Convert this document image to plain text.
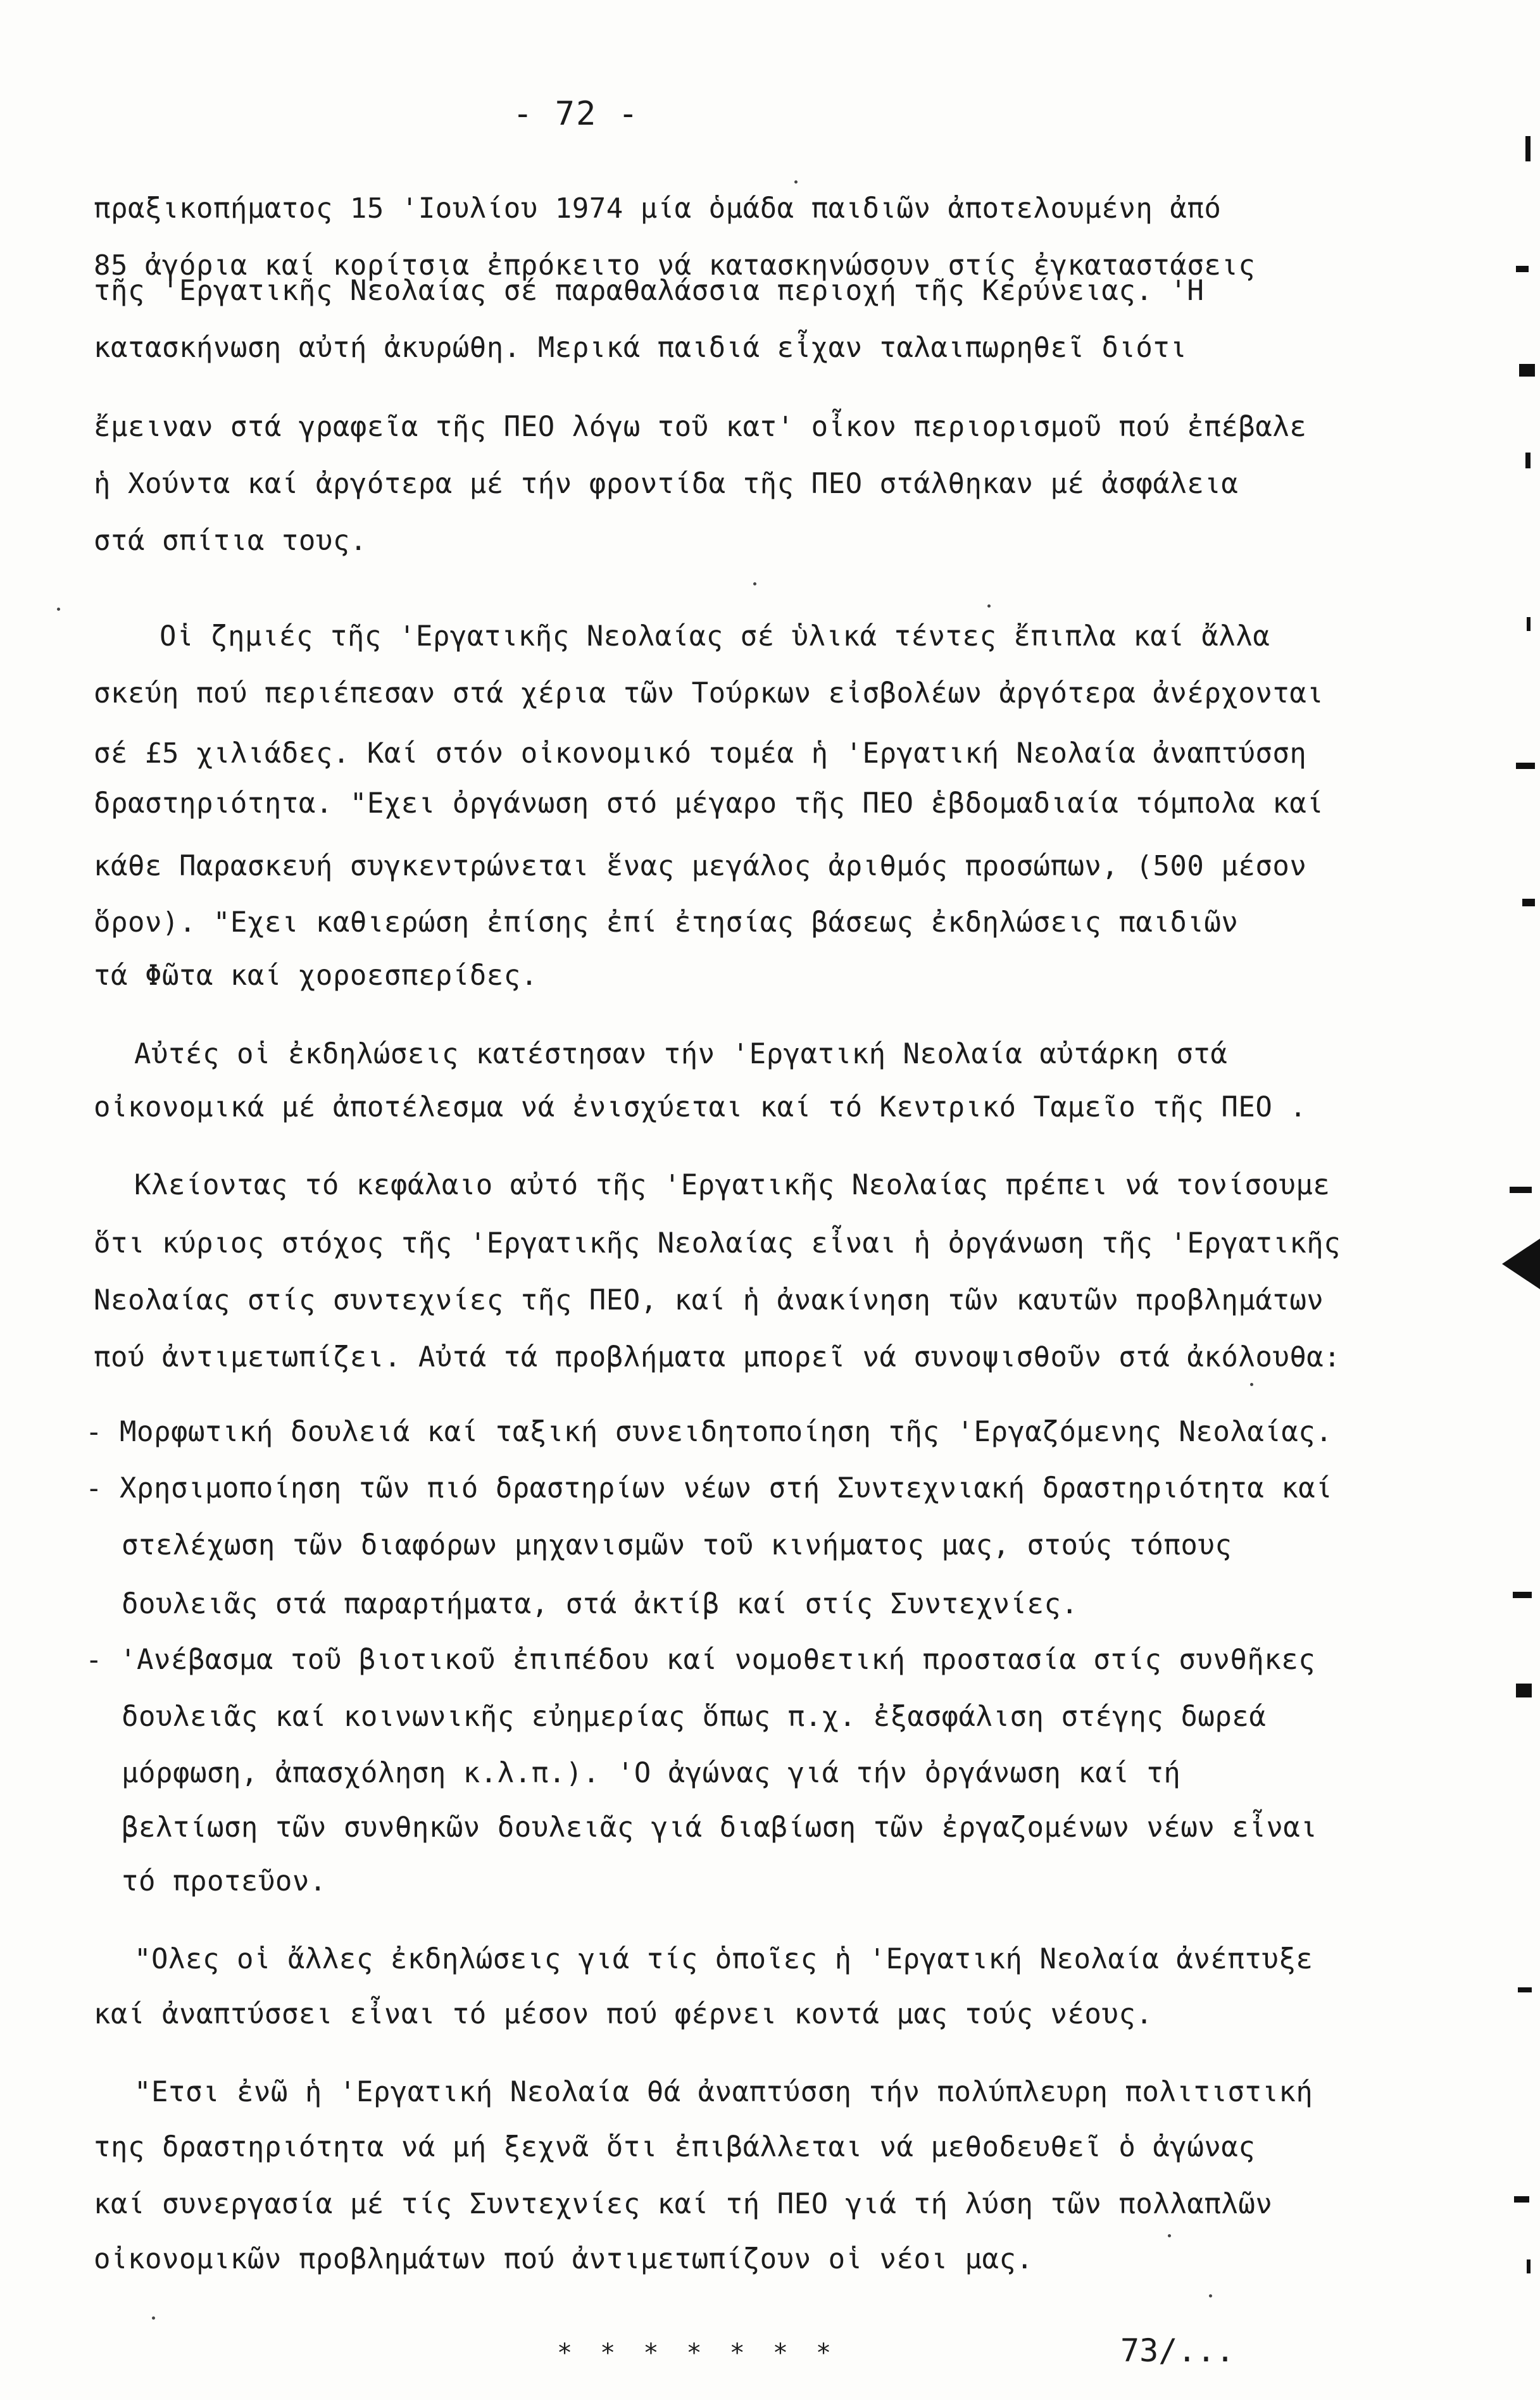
- 72 -
πραξικοπήματος 15 'Ιουλίου 1974 μία ὁμάδα παιδιῶν ἀποτελουμένη ἀπό
85 ἀγόρια καί κορίτσια ἐπρόκειτο νά κατασκηνώσουν στίς ἐγκαταστάσεις
τῆς 'Εργατικῆς Νεολαίας σέ παραθαλάσσια περιοχή τῆς Κερύνειας. 'Η
κατασκήνωση αὐτή ἀκυρώθη. Μερικά παιδιά εἶχαν ταλαιπωρηθεῖ διότι
ἔμειναν στά γραφεῖα τῆς ΠΕΟ λόγω τοῦ κατ' οἶκον περιορισμοῦ πού ἐπέβαλε
ἡ Χούντα καί ἀργότερα μέ τήν φροντίδα τῆς ΠΕΟ στάλθηκαν μέ ἀσφάλεια
στά σπίτια τους.
Οἱ ζημιές τῆς 'Εργατικῆς Νεολαίας σέ ὑλικά τέντες ἔπιπλα καί ἄλλα
σκεύη πού περιέπεσαν στά χέρια τῶν Τούρκων εἰσβολέων ἀργότερα ἀνέρχονται
σέ £5 χιλιάδες. Καί στόν οἰκονομικό τομέα ἡ 'Εργατική Νεολαία ἀναπτύσση
δραστηριότητα. "Εχει ὀργάνωση στό μέγαρο τῆς ΠΕΟ ἑβδομαδιαία τόμπολα καί
κάθε Παρασκευή συγκεντρώνεται ἕνας μεγάλος ἀριθμός προσώπων, (500 μέσον
ὅρον). "Εχει καθιερώση ἐπίσης ἐπί ἐτησίας βάσεως ἐκδηλώσεις παιδιῶν
τά Φῶτα καί χοροεσπερίδες.
Αὐτές οἱ ἐκδηλώσεις κατέστησαν τήν 'Εργατική Νεολαία αὐτάρκη στά
οἰκονομικά μέ ἀποτέλεσμα νά ἐνισχύεται καί τό Κεντρικό Ταμεῖο τῆς ΠΕΟ .
Κλείοντας τό κεφάλαιο αὐτό τῆς 'Εργατικῆς Νεολαίας πρέπει νά τονίσουμε
ὅτι κύριος στόχος τῆς 'Εργατικῆς Νεολαίας εἶναι ἡ ὀργάνωση τῆς 'Εργατικῆς
Νεολαίας στίς συντεχνίες τῆς ΠΕΟ, καί ἡ ἀνακίνηση τῶν καυτῶν προβλημάτων
πού ἀντιμετωπίζει. Αὐτά τά προβλήματα μπορεῖ νά συνοψισθοῦν στά ἀκόλουθα:
- Μορφωτική δουλειά καί ταξική συνειδητοποίηση τῆς 'Εργαζόμενης Νεολαίας.
- Χρησιμοποίηση τῶν πιό δραστηρίων νέων στή Συντεχνιακή δραστηριότητα καί
στελέχωση τῶν διαφόρων μηχανισμῶν τοῦ κινήματος μας, στούς τόπους
δουλειᾶς στά παραρτήματα, στά ἀκτίβ καί στίς Συντεχνίες.
- 'Ανέβασμα τοῦ βιοτικοῦ ἐπιπέδου καί νομοθετική προστασία στίς συνθῆκες
δουλειᾶς καί κοινωνικῆς εὐημερίας ὅπως π.χ. ἐξασφάλιση στέγης δωρεά
μόρφωση, ἀπασχόληση κ.λ.π.). 'Ο ἀγώνας γιά τήν ὀργάνωση καί τή
βελτίωση τῶν συνθηκῶν δουλειᾶς γιά διαβίωση τῶν ἐργαζομένων νέων εἶναι
τό προτεῦον.
"Ολες οἱ ἄλλες ἐκδηλώσεις γιά τίς ὁποῖες ἡ 'Εργατική Νεολαία ἀνέπτυξε
καί ἀναπτύσσει εἶναι τό μέσον πού φέρνει κοντά μας τούς νέους.
"Ετσι ἐνῶ ἡ 'Εργατική Νεολαία θά ἀναπτύσση τήν πολύπλευρη πολιτιστική
της δραστηριότητα νά μή ξεχνᾶ ὅτι ἐπιβάλλεται νά μεθοδευθεῖ ὁ ἀγώνας
καί συνεργασία μέ τίς Συντεχνίες καί τή ΠΕΟ γιά τή λύση τῶν πολλαπλῶν
οἰκονομικῶν προβλημάτων πού ἀντιμετωπίζουν οἱ νέοι μας.
* * * * * * *	73/...
